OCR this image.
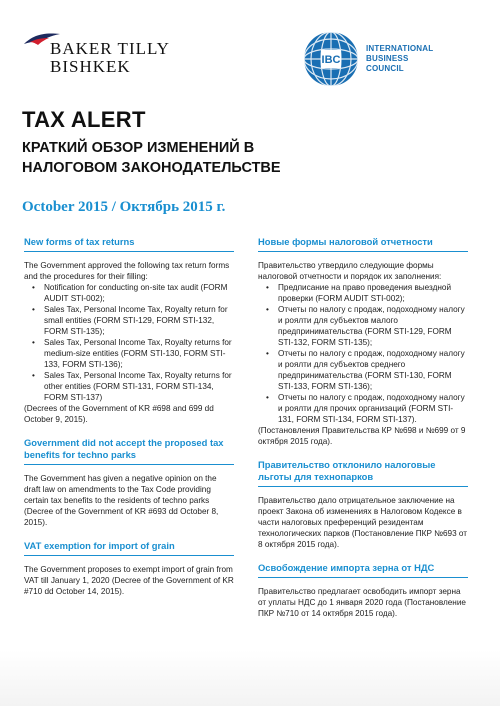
BAKER TILLY
BISHKEK	IBC
INTERNATIONAL
BUSINESS
COUNCIL
TAX ALERT
КРАТКИЙ ОБЗОР ИЗМЕНЕНИЙ В НАЛОГОВОМ ЗАКОНОДАТЕЛЬСТВЕ
October 2015 / Октябрь 2015 г.
New forms of tax returns

The Government approved the following tax return forms and the procedures for their filling:

• Notification for conducting on-site tax audit (FORM AUDIT STI-002);
• Sales Tax, Personal Income Tax, Royalty return for small entities (FORM STI-129, FORM STI-132, FORM STI-135);
• Sales Tax, Personal Income Tax, Royalty returns for medium-size entities (FORM STI-130, FORM STI-133, FORM STI-136);
• Sales Tax, Personal Income Tax, Royalty returns for other entities (FORM STI-131, FORM STI-134, FORM STI-137)

(Decrees of the Government of KR #698 and 699 dd October 9, 2015).

Government did not accept the proposed tax benefits for techno parks

The Government has given a negative opinion on the draft law on amendments to the Tax Code providing certain tax benefits to the residents of techno parks (Decree of the Government of KR #693 dd October 8, 2015).

VAT exemption for import of grain

The Government proposes to exempt import of grain from VAT till January 1, 2020 (Decree of the Government of KR #710 dd October 14, 2015).

Новые формы налоговой отчетности

Правительство утвердило следующие формы налоговой отчетности и порядок их заполнения:

• Предписание на право проведения выездной проверки (FORM AUDIT STI-002);
• Отчеты по налогу с продаж, подоходному налогу и роялти для субъектов малого предпринимательства (FORM STI-129, FORM STI-132, FORM STI-135);
• Отчеты по налогу с продаж, подоходному налогу и роялти для субъектов среднего предпринимательства (FORM STI-130, FORM STI-133, FORM STI-136);
• Отчеты по налогу с продаж, подоходному налогу и роялти для прочих организаций (FORM STI-131, FORM STI-134, FORM STI-137).

(Постановления Правительства КР №698 и №699 от 9 октября 2015 года).

Правительство отклонило налоговые льготы для технопарков

Правительство дало отрицательное заключение на проект Закона об изменениях в Налоговом Кодексе в части налоговых преференций резидентам технологических парков (Постановление ПКР №693 от 8 октября 2015 года).

Освобождение импорта зерна от НДС

Правительство предлагает освободить импорт зерна от уплаты НДС до 1 января 2020 года (Постановление ПКР №710 от 14 октября 2015 года).
